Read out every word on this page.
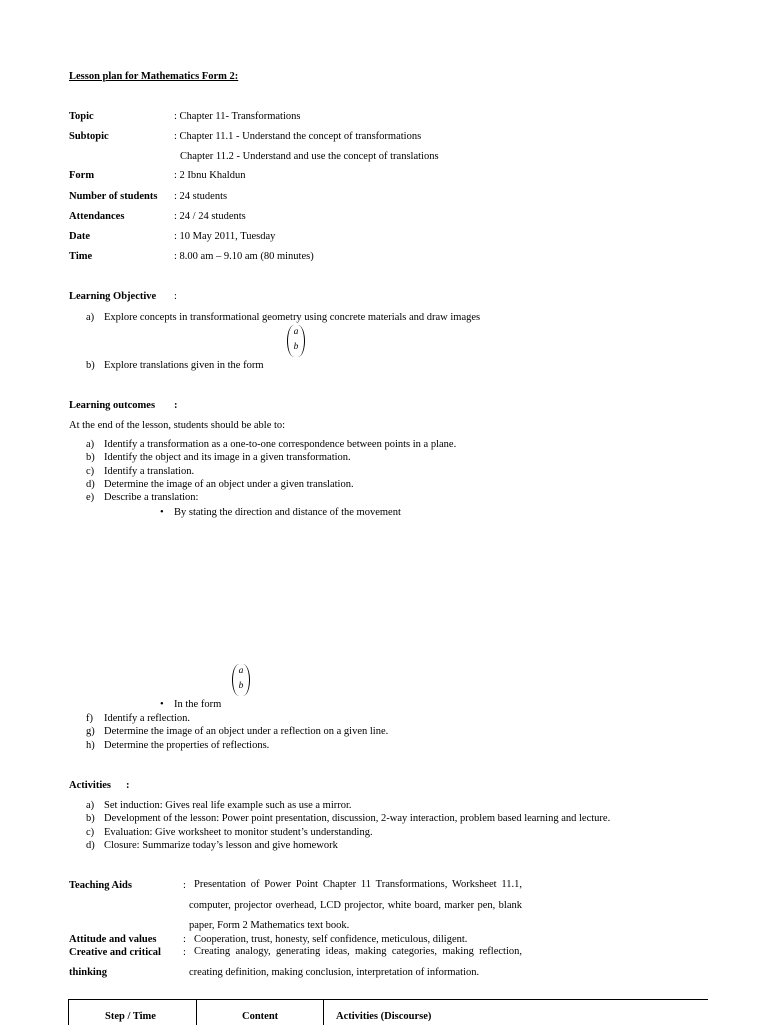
Lesson plan for Mathematics Form 2:
Topic	: Chapter 11- Transformations
Subtopic	: Chapter 11.1 - Understand the concept of transformations
Chapter 11.2 - Understand and use the concept of translations
Form	: 2 Ibnu Khaldun
Number of students : 24 students
Attendances	: 24 / 24 students
Date	: 10 May 2011, Tuesday
Time	: 8.00 am – 9.10 am (80 minutes)
Learning Objective :
a) Explore concepts in transformational geometry using concrete materials and draw images
a
b
b) Explore translations given in the form
Learning outcomes :
At the end of the lesson, students should be able to:
a) Identify a transformation as a one-to-one correspondence between points in a plane.
b) Identify the object and its image in a given transformation.
c) Identify a translation.
d) Determine the image of an object under a given translation.
e) Describe a translation:
• By stating the direction and distance of the movement
a
b
• In the form
f) Identify a reflection.
g) Determine the image of an object under a reflection on a given line.
h) Determine the properties of reflections.
Activities :
a) Set induction: Gives real life example such as use a mirror.
b) Development of the lesson: Power point presentation, discussion, 2-way interaction, problem based learning and lecture.
c) Evaluation: Give worksheet to monitor student’s understanding.
d) Closure: Summarize today’s lesson and give homework
Teaching Aids	: Presentation of Power Point Chapter 11 Transformations, Worksheet 11.1, computer, projector overhead, LCD projector, white board, marker pen, blank paper, Form 2 Mathematics text book.
Attitude and values	: Cooperation, trust, honesty, self confidence, meticulous, diligent.
Creative and critical
thinking
: Creating analogy, generating ideas, making categories, making reflection, creating definition, making conclusion, interpretation of information.
Step / Time	Content	Activities (Discourse)
